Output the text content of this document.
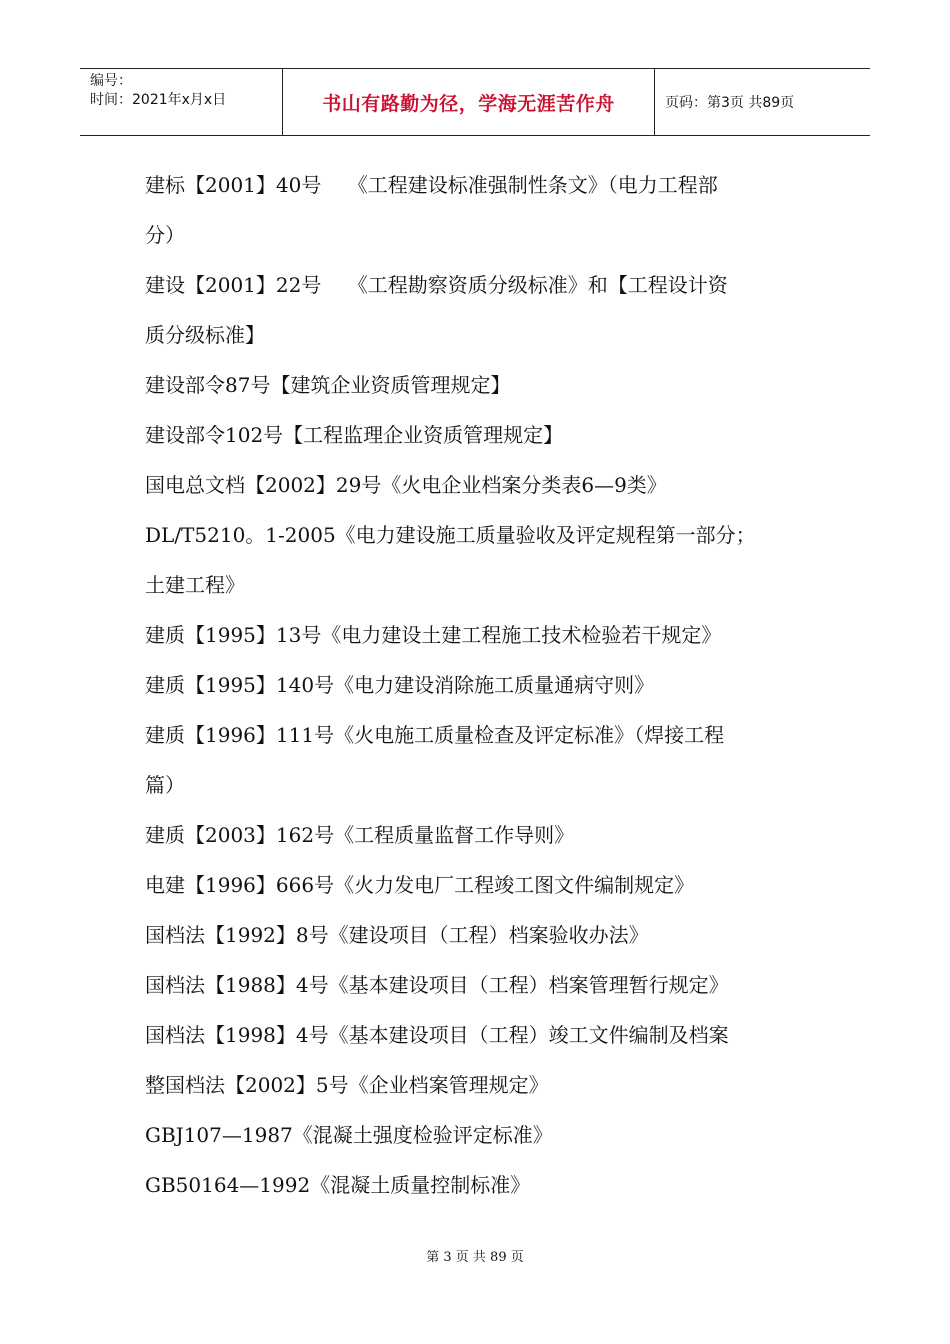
编号：
时间：2021年x月x日	书山有路勤为径，学海无涯苦作舟	页码：第3页 共89页
建标【2001】40号　 《工程建设标准强制性条文》（电力工程部
分）
建设【2001】22号　 《工程勘察资质分级标准》和【工程设计资
质分级标准】
建设部令87号【建筑企业资质管理规定】
建设部令102号【工程监理企业资质管理规定】
国电总文档【2002】29号《火电企业档案分类表6—9类》
DL/T5210。1-2005《电力建设施工质量验收及评定规程第一部分；
土建工程》
建质【1995】13号《电力建设土建工程施工技术检验若干规定》
建质【1995】140号《电力建设消除施工质量通病守则》
建质【1996】111号《火电施工质量检查及评定标准》（焊接工程
篇）
建质【2003】162号《工程质量监督工作导则》
电建【1996】666号《火力发电厂工程竣工图文件编制规定》
国档法【1992】8号《建设项目（工程）档案验收办法》
国档法【1988】4号《基本建设项目（工程）档案管理暂行规定》
国档法【1998】4号《基本建设项目（工程）竣工文件编制及档案
整国档法【2002】5号《企业档案管理规定》
GBJ107—1987《混凝土强度检验评定标准》
GB50164—1992《混凝土质量控制标准》
第 3 页 共 89 页
